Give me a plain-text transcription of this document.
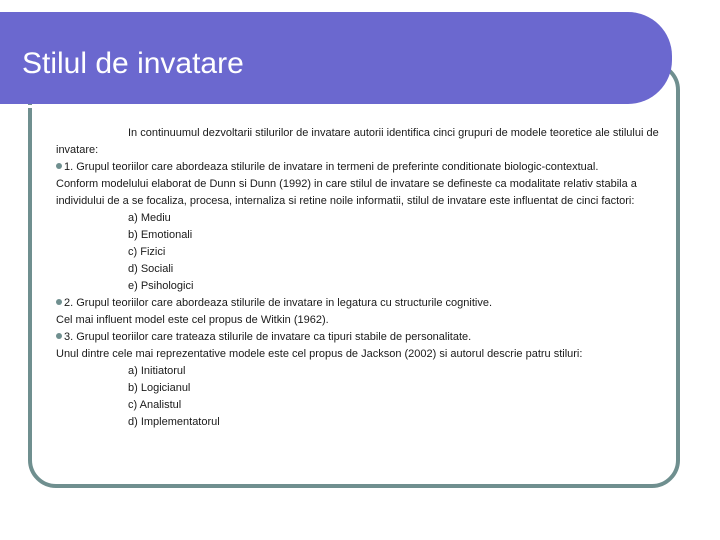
Stilul de invatare

In continuumul dezvoltarii stilurilor de invatare autorii identifica cinci grupuri de modele teoretice ale stilului de invatare:

1. Grupul teoriilor care abordeaza stilurile de invatare in termeni de preferinte conditionate biologic-contextual.

Conform modelului elaborat de Dunn si Dunn (1992) in care stilul de invatare se defineste ca modalitate relativ stabila a individului de a se focaliza, procesa, internaliza si retine noile informatii, stilul de invatare este influentat de cinci factori:

a) Mediu

b) Emotionali

c) Fizici

d) Sociali

e) Psihologici

2. Grupul teoriilor care abordeaza stilurile de invatare in legatura cu structurile cognitive.

Cel mai influent model este cel propus de Witkin (1962).

3. Grupul teoriilor care trateaza stilurile de invatare ca tipuri stabile de personalitate.

Unul dintre cele mai reprezentative modele este cel propus de Jackson (2002) si autorul descrie patru stiluri:

a) Initiatorul

b) Logicianul

c) Analistul

d) Implementatorul
